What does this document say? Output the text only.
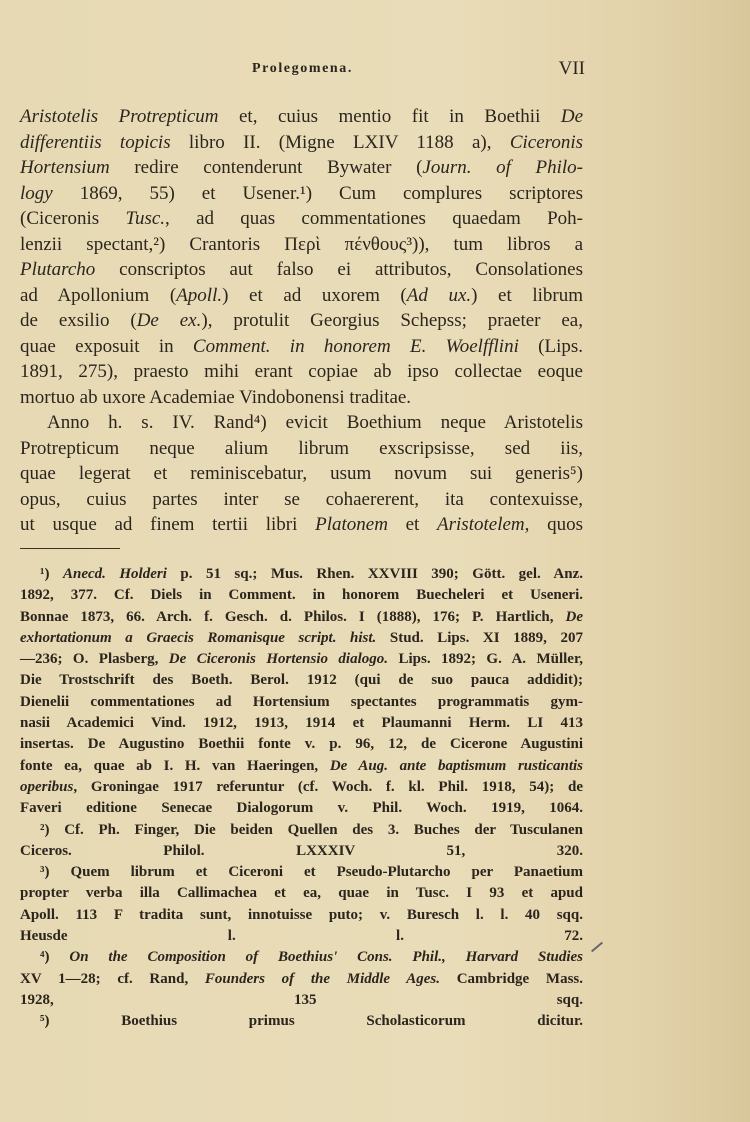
Prolegomena.	VII
Aristotelis Protrepticum et, cuius mentio fit in Boethii De
differentiis topicis libro II. (Migne LXIV 1188 a), Ciceronis
Hortensium redire contenderunt Bywater (Journ. of Philo-
logy 1869, 55) et Usener.¹) Cum complures scriptores
(Ciceronis Tusc., ad quas commentationes quaedam Poh-
lenzii spectant,²) Crantoris Περὶ πένθους³)), tum libros a
Plutarcho conscriptos aut falso ei attributos, Consolationes
ad Apollonium (Apoll.) et ad uxorem (Ad ux.) et librum
de exsilio (De ex.), protulit Georgius Schepss; praeter ea,
quae exposuit in Comment. in honorem E. Woelfflini (Lips.
1891, 275), praesto mihi erant copiae ab ipso collectae eoque
mortuo ab uxore Academiae Vindobonensi traditae.
Anno h. s. IV. Rand⁴) evicit Boethium neque Aristotelis
Protrepticum neque alium librum exscripsisse, sed iis,
quae legerat et reminiscebatur, usum novum sui generis⁵)
opus, cuius partes inter se cohaererent, ita contexuisse,
ut usque ad finem tertii libri Platonem et Aristotelem, quos
¹) Anecd. Holderi p. 51 sq.; Mus. Rhen. XXVIII 390; Gött. gel. Anz.
1892, 377. Cf. Diels in Comment. in honorem Buecheleri et Useneri.
Bonnae 1873, 66. Arch. f. Gesch. d. Philos. I (1888), 176; P. Hartlich, De
exhortationum a Graecis Romanisque script. hist. Stud. Lips. XI 1889, 207
—236; O. Plasberg, De Ciceronis Hortensio dialogo. Lips. 1892; G. A. Müller,
Die Trostschrift des Boeth. Berol. 1912 (qui de suo pauca addidit);
Dienelii commentationes ad Hortensium spectantes programmatis gym-
nasii Academici Vind. 1912, 1913, 1914 et Plaumanni Herm. LI 413
insertas. De Augustino Boethii fonte v. p. 96, 12, de Cicerone Augustini
fonte ea, quae ab I. H. van Haeringen, De Aug. ante baptismum rusticantis
operibus, Groningae 1917 referuntur (cf. Woch. f. kl. Phil. 1918, 54); de
Faveri editione Senecae Dialogorum v. Phil. Woch. 1919, 1064.
²) Cf. Ph. Finger, Die beiden Quellen des 3. Buches der Tusculanen
Ciceros. Philol. LXXXIV 51, 320.
³) Quem librum et Ciceroni et Pseudo-Plutarcho per Panaetium
propter verba illa Callimachea et ea, quae in Tusc. I 93 et apud
Apoll. 113 F tradita sunt, innotuisse puto; v. Buresch l. l. 40 sqq.
Heusde l. l. 72.
⁴) On the Composition of Boethius' Cons. Phil., Harvard Studies
XV 1—28; cf. Rand, Founders of the Middle Ages. Cambridge Mass.
1928, 135 sqq.
⁵) Boethius primus Scholasticorum dicitur.
